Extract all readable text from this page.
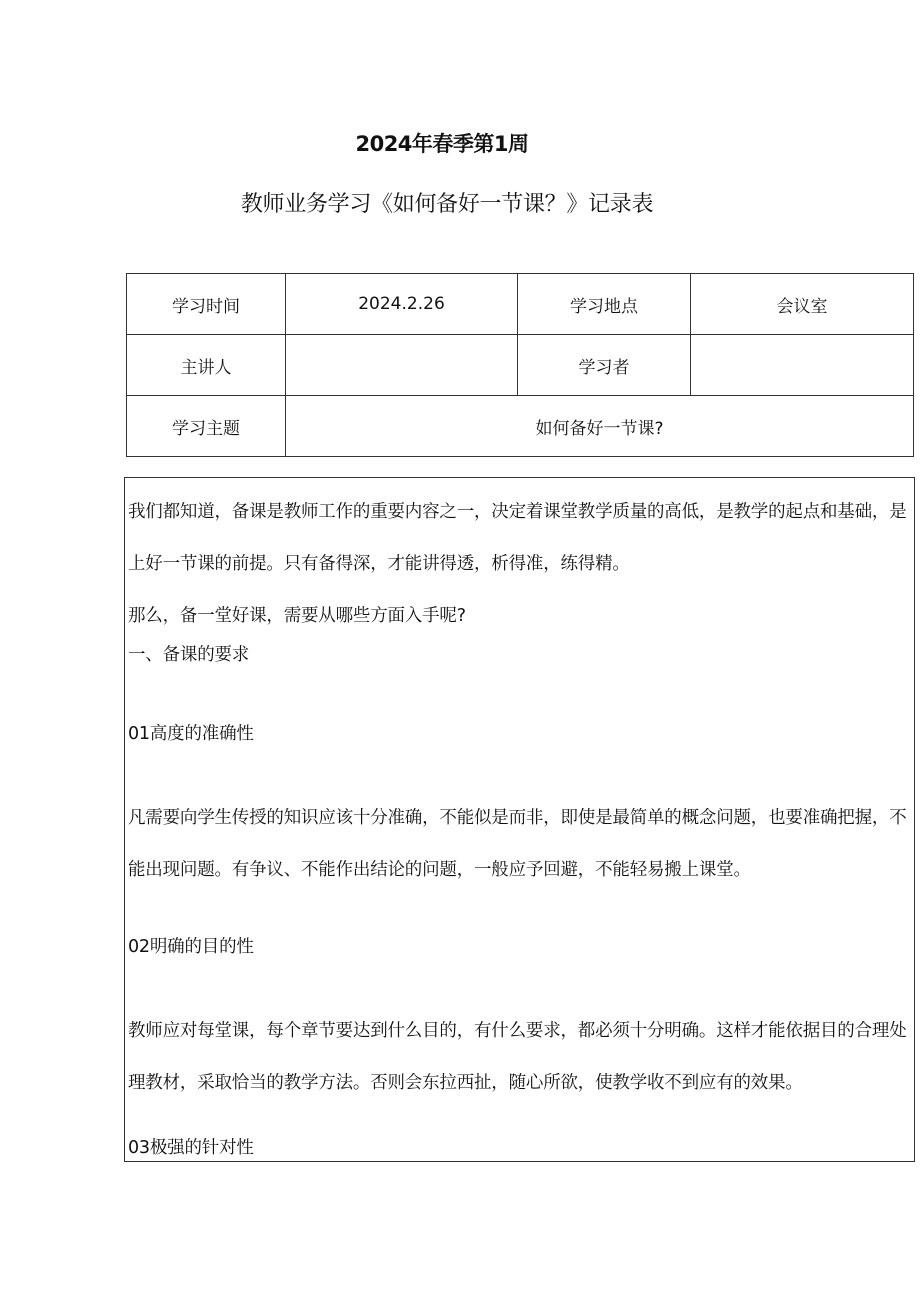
2024年春季第1周
教师业务学习《如何备好一节课？》记录表
学习时间	2024.2.26	学习地点	会议室
主讲人		学习者	
学习主题	如何备好一节课?		

我们都知道，备课是教师工作的重要内容之一，决定着课堂教学质量的高低，是教学的起点和基础，是上好一节课的前提。只有备得深，才能讲得透，析得准，练得精。

那么，备一堂好课，需要从哪些方面入手呢?

一、备课的要求

01高度的准确性

凡需要向学生传授的知识应该十分准确，不能似是而非，即使是最简单的概念问题，也要准确把握，不能出现问题。有争议、不能作出结论的问题，一般应予回避，不能轻易搬上课堂。

02明确的目的性

教师应对每堂课，每个章节要达到什么目的，有什么要求，都必须十分明确。这样才能依据目的合理处理教材，采取恰当的教学方法。否则会东拉西扯，随心所欲，使教学收不到应有的效果。

03极强的针对性
